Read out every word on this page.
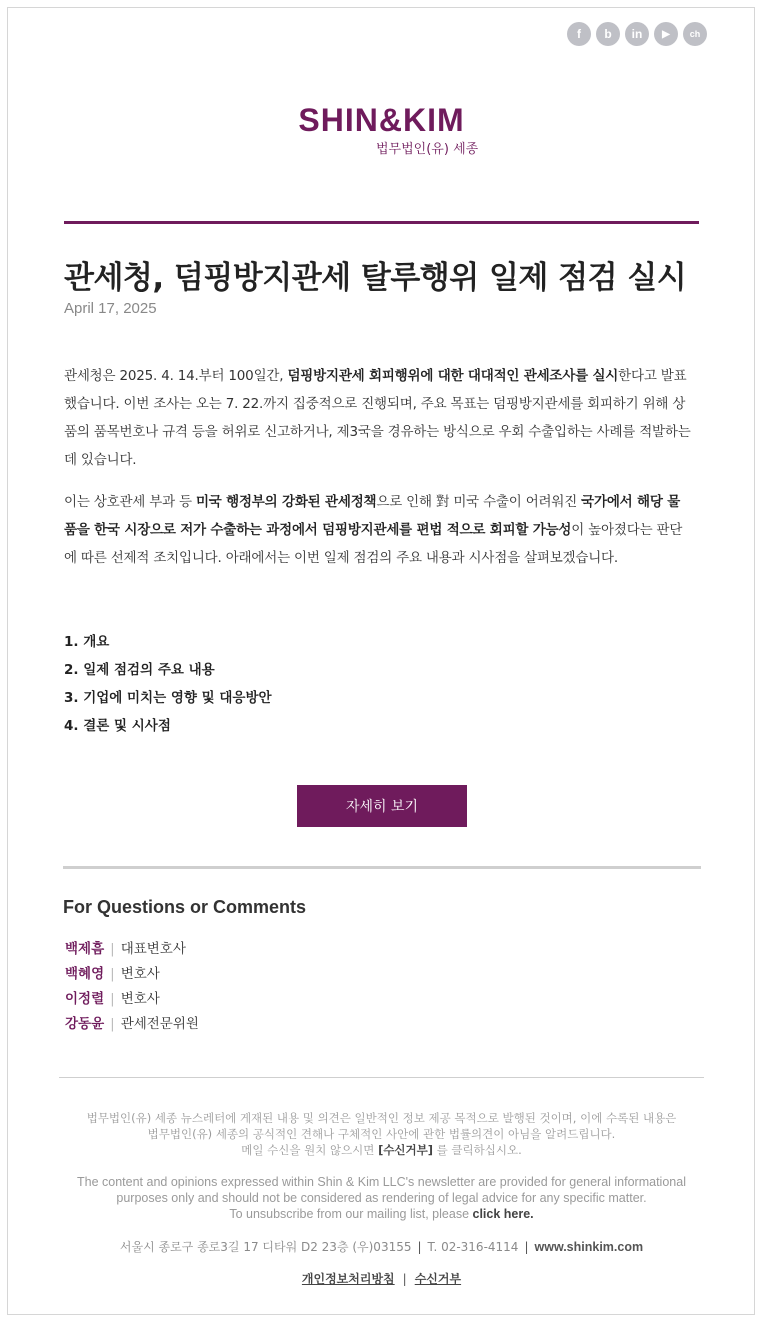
f	b	in	▶	ch
SHIN&KIM
법무법인(유) 세종
관세청, 덤핑방지관세 탈루행위 일제 점검 실시
April 17, 2025

관세청은 2025. 4. 14.부터 100일간, 덤핑방지관세 회피행위에 대한 대대적인 관세조사를 실시한다고 발표했습니다. 이번 조사는 오는 7. 22.까지 집중적으로 진행되며, 주요 목표는 덤핑방지관세를 회피하기 위해 상품의 품목번호나 규격 등을 허위로 신고하거나, 제3국을 경유하는 방식으로 우회 수출입하는 사례를 적발하는 데 있습니다.

이는 상호관세 부과 등 미국 행정부의 강화된 관세정책으로 인해 對 미국 수출이 어려워진 국가에서 해당 물품을 한국 시장으로 저가 수출하는 과정에서 덤핑방지관세를 편법 적으로 회피할 가능성이 높아졌다는 판단에 따른 선제적 조치입니다. 아래에서는 이번 일제 점검의 주요 내용과 시사점을 살펴보겠습니다.

1. 개요
2. 일제 점검의 주요 내용
3. 기업에 미치는 영향 및 대응방안
4. 결론 및 시사점
자세히 보기
For Questions or Comments
백제흠 | 대표변호사
백혜영 | 변호사
이정렬 | 변호사
강동윤 | 관세전문위원
법무법인(유) 세종 뉴스레터에 게재된 내용 및 의견은 일반적인 정보 제공 목적으로 발행된 것이며, 이에 수록된 내용은
법무법인(유) 세종의 공식적인 견해나 구체적인 사안에 관한 법률의견이 아님을 알려드립니다.
메일 수신을 원치 않으시면 [수신거부] 를 클릭하십시오.
The content and opinions expressed within Shin & Kim LLC's newsletter are provided for general informational
purposes only and should not be considered as rendering of legal advice for any specific matter.
To unsubscribe from our mailing list, please click here.
서울시 종로구 종로3길 17 디타워 D2 23층 (우)03155 | T. 02-316-4114 | www.shinkim.com
개인정보처리방침 | 수신거부
